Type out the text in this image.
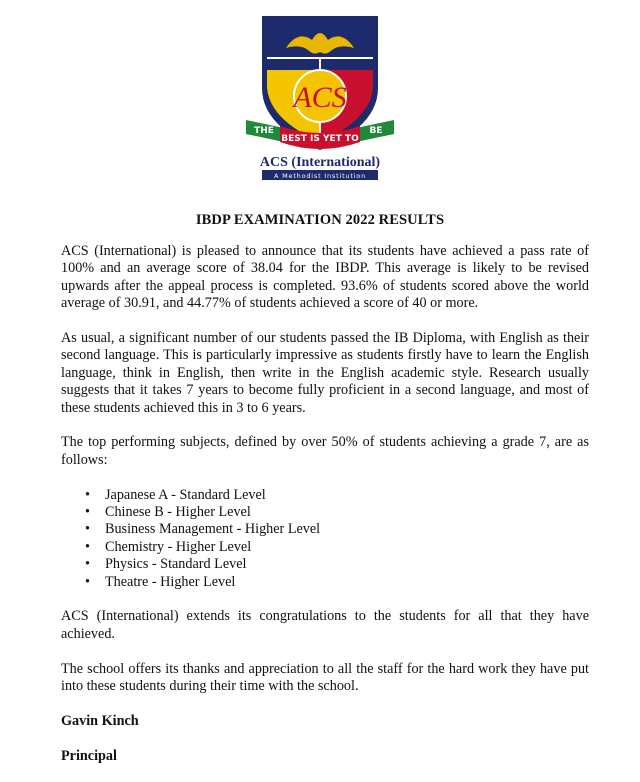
ACS
THE
BEST IS YET TO
BE
ACS (International)
A Methodist Institution
IBDP EXAMINATION 2022 RESULTS

ACS (International) is pleased to announce that its students have achieved a pass rate of 100% and an average score of 38.04 for the IBDP. This average is likely to be revised upwards after the appeal process is completed. 93.6% of students scored above the world average of 30.91, and 44.77% of students achieved a score of 40 or more.

As usual, a significant number of our students passed the IB Diploma, with English as their second language. This is particularly impressive as students firstly have to learn the English language, think in English, then write in the English academic style. Research usually suggests that it takes 7 years to become fully proficient in a second language, and most of these students achieved this in 3 to 6 years.

The top performing subjects, defined by over 50% of students achieving a grade 7, are as follows:

• Japanese A - Standard Level
• Chinese B - Higher Level
• Business Management - Higher Level
• Chemistry - Higher Level
• Physics - Standard Level
• Theatre - Higher Level

ACS (International) extends its congratulations to the students for all that they have achieved.

The school offers its thanks and appreciation to all the staff for the hard work they have put into these students during their time with the school.

Gavin Kinch

Principal
